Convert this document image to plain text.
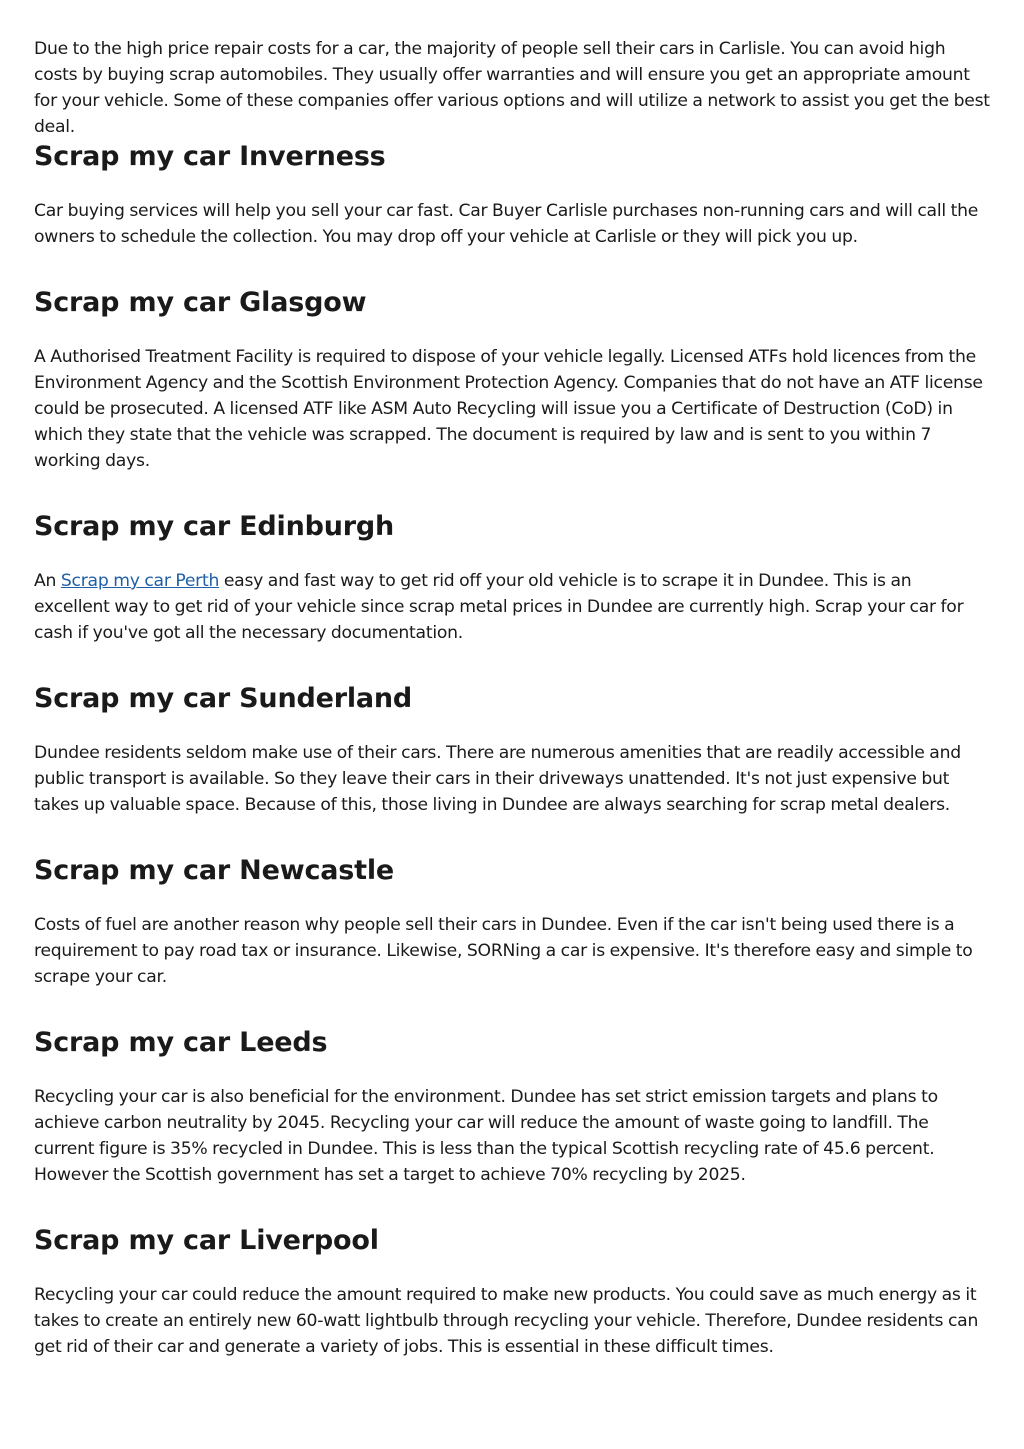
Due to the high price repair costs for a car, the majority of people sell their cars in Carlisle. You can avoid high costs by buying scrap automobiles. They usually offer warranties and will ensure you get an appropriate amount for your vehicle. Some of these companies offer various options and will utilize a network to assist you get the best deal.

Scrap my car Inverness

Car buying services will help you sell your car fast. Car Buyer Carlisle purchases non-running cars and will call the owners to schedule the collection. You may drop off your vehicle at Carlisle or they will pick you up.

Scrap my car Glasgow

A Authorised Treatment Facility is required to dispose of your vehicle legally. Licensed ATFs hold licences from the Environment Agency and the Scottish Environment Protection Agency. Companies that do not have an ATF license could be prosecuted. A licensed ATF like ASM Auto Recycling will issue you a Certificate of Destruction (CoD) in which they state that the vehicle was scrapped. The document is required by law and is sent to you within 7 working days.

Scrap my car Edinburgh

An Scrap my car Perth easy and fast way to get rid off your old vehicle is to scrape it in Dundee. This is an excellent way to get rid of your vehicle since scrap metal prices in Dundee are currently high. Scrap your car for cash if you've got all the necessary documentation.

Scrap my car Sunderland

Dundee residents seldom make use of their cars. There are numerous amenities that are readily accessible and public transport is available. So they leave their cars in their driveways unattended. It's not just expensive but takes up valuable space. Because of this, those living in Dundee are always searching for scrap metal dealers.

Scrap my car Newcastle

Costs of fuel are another reason why people sell their cars in Dundee. Even if the car isn't being used there is a requirement to pay road tax or insurance. Likewise, SORNing a car is expensive. It's therefore easy and simple to scrape your car.

Scrap my car Leeds

Recycling your car is also beneficial for the environment. Dundee has set strict emission targets and plans to achieve carbon neutrality by 2045. Recycling your car will reduce the amount of waste going to landfill. The current figure is 35% recycled in Dundee. This is less than the typical Scottish recycling rate of 45.6 percent. However the Scottish government has set a target to achieve 70% recycling by 2025.

Scrap my car Liverpool

Recycling your car could reduce the amount required to make new products. You could save as much energy as it takes to create an entirely new 60-watt lightbulb through recycling your vehicle. Therefore, Dundee residents can get rid of their car and generate a variety of jobs. This is essential in these difficult times.
